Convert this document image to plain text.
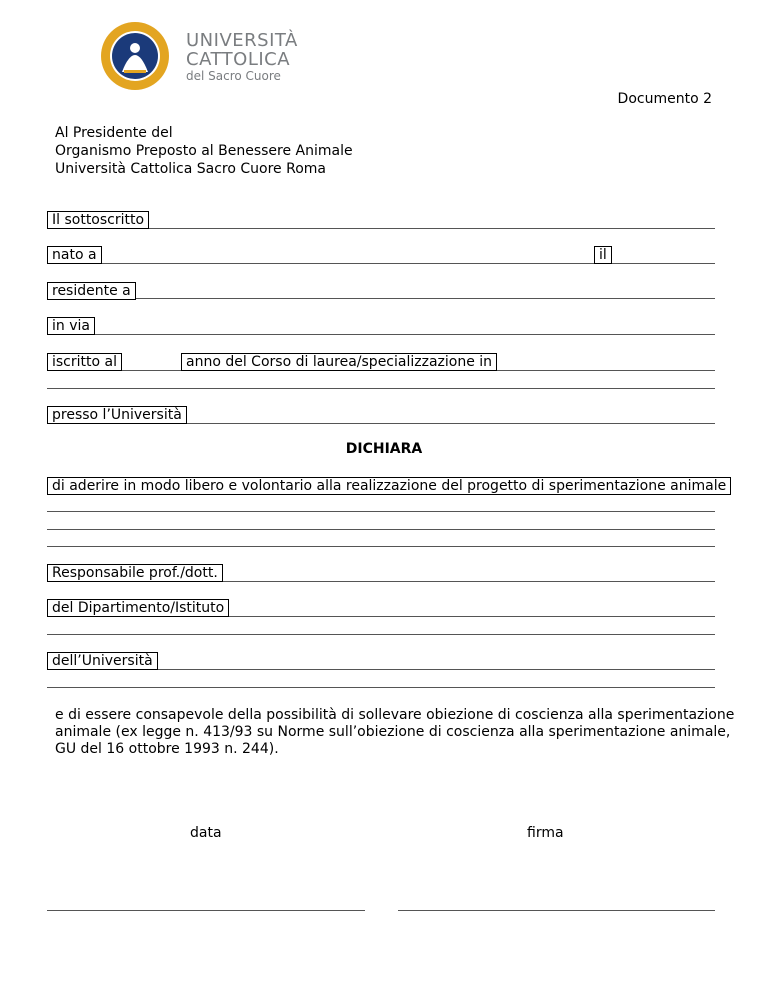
UNIVERSITÀ
CATTOLICA
del Sacro Cuore
Documento 2
Al Presidente del
Organismo Preposto al Benessere Animale
Università Cattolica Sacro Cuore Roma
Il sottoscritto
nato a	il
residente a
in via
iscritto al	anno del Corso di laurea/specializzazione in
presso l’Università
DICHIARA
di aderire in modo libero e volontario alla realizzazione del progetto di sperimentazione animale
Responsabile prof./dott.
del Dipartimento/Istituto
dell’Università
e di essere consapevole della possibilità di sollevare obiezione di coscienza alla sperimentazione
animale (ex legge n. 413/93 su Norme sull’obiezione di coscienza alla sperimentazione animale,
GU del 16 ottobre 1993 n. 244).
data	firma
